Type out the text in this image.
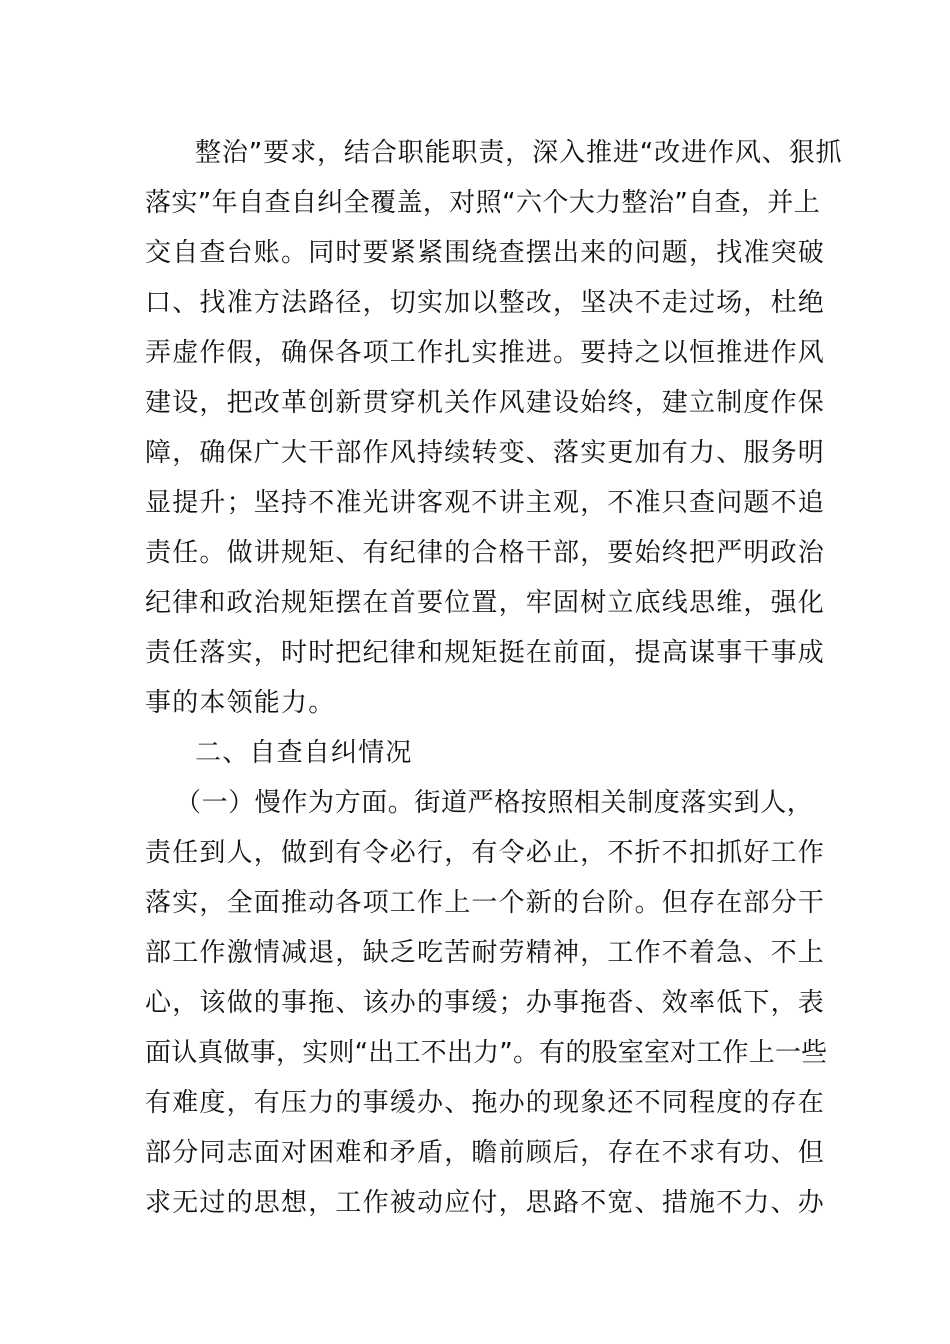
整治”要求，结合职能职责，深入推进“改进作风、狠抓
落实”年自查自纠全覆盖，对照“六个大力整治”自查，并上
交自查台账。同时要紧紧围绕查摆出来的问题，找准突破
口、找准方法路径，切实加以整改，坚决不走过场，杜绝
弄虚作假，确保各项工作扎实推进。要持之以恒推进作风
建设，把改革创新贯穿机关作风建设始终，建立制度作保
障，确保广大干部作风持续转变、落实更加有力、服务明
显提升；坚持不准光讲客观不讲主观，不准只查问题不追
责任。做讲规矩、有纪律的合格干部，要始终把严明政治
纪律和政治规矩摆在首要位置，牢固树立底线思维，强化
责任落实，时时把纪律和规矩挺在前面，提高谋事干事成
事的本领能力。
二、自查自纠情况
（一）慢作为方面。街道严格按照相关制度落实到人，
责任到人，做到有令必行，有令必止，不折不扣抓好工作
落实，全面推动各项工作上一个新的台阶。但存在部分干
部工作激情减退，缺乏吃苦耐劳精神，工作不着急、不上
心，该做的事拖、该办的事缓；办事拖沓、效率低下，表
面认真做事，实则“出工不出力”。有的股室室对工作上一些
有难度，有压力的事缓办、拖办的现象还不同程度的存在
部分同志面对困难和矛盾，瞻前顾后，存在不求有功、但
求无过的思想，工作被动应付，思路不宽、措施不力、办
